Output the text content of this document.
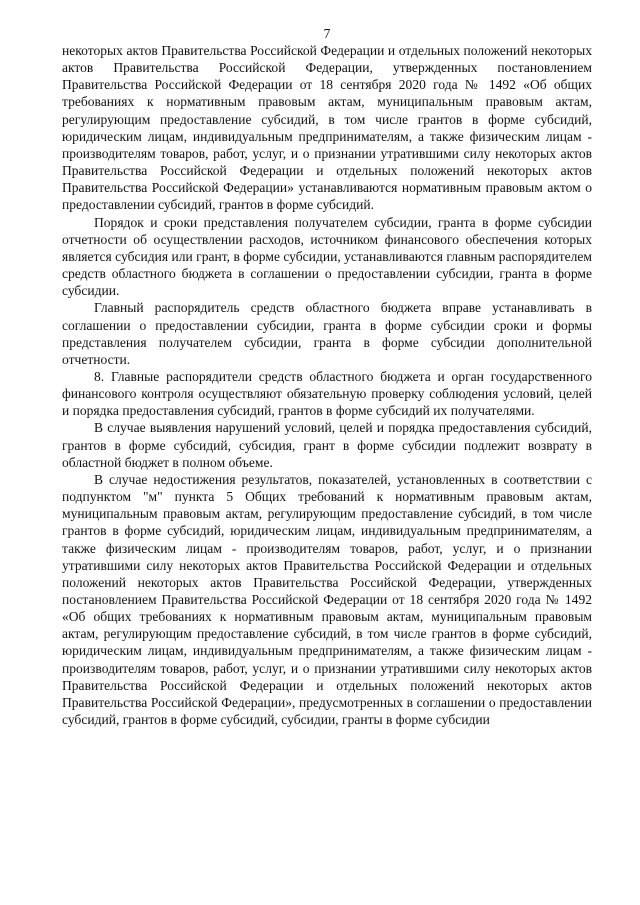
7

некоторых актов Правительства Российской Федерации и отдельных положений некоторых актов Правительства Российской Федерации, утвержденных постановлением Правительства Российской Федерации от 18 сентября 2020 года № 1492 «Об общих требованиях к нормативным правовым актам, муниципальным правовым актам, регулирующим предоставление субсидий, в том числе грантов в форме субсидий, юридическим лицам, индивидуальным предпринимателям, а также физическим лицам - производителям товаров, работ, услуг, и о признании утратившими силу некоторых актов Правительства Российской Федерации и отдельных положений некоторых актов Правительства Российской Федерации» устанавливаются нормативным правовым актом о предоставлении субсидий, грантов в форме субсидий.

Порядок и сроки представления получателем субсидии, гранта в форме субсидии отчетности об осуществлении расходов, источником финансового обеспечения которых является субсидия или грант, в форме субсидии, устанавливаются главным распорядителем средств областного бюджета в соглашении о предоставлении субсидии, гранта в форме субсидии.

Главный распорядитель средств областного бюджета вправе устанавливать в соглашении о предоставлении субсидии, гранта в форме субсидии сроки и формы представления получателем субсидии, гранта в форме субсидии дополнительной отчетности.

8. Главные распорядители средств областного бюджета и орган государственного финансового контроля осуществляют обязательную проверку соблюдения условий, целей и порядка предоставления субсидий, грантов в форме субсидий их получателями.

В случае выявления нарушений условий, целей и порядка предоставления субсидий, грантов в форме субсидий, субсидия, грант в форме субсидии подлежит возврату в областной бюджет в полном объеме.

В случае недостижения результатов, показателей, установленных в соответствии с подпунктом "м" пункта 5 Общих требований к нормативным правовым актам, муниципальным правовым актам, регулирующим предоставление субсидий, в том числе грантов в форме субсидий, юридическим лицам, индивидуальным предпринимателям, а также физическим лицам - производителям товаров, работ, услуг, и о признании утратившими силу некоторых актов Правительства Российской Федерации и отдельных положений некоторых актов Правительства Российской Федерации, утвержденных постановлением Правительства Российской Федерации от 18 сентября 2020 года № 1492 «Об общих требованиях к нормативным правовым актам, муниципальным правовым актам, регулирующим предоставление субсидий, в том числе грантов в форме субсидий, юридическим лицам, индивидуальным предпринимателям, а также физическим лицам - производителям товаров, работ, услуг, и о признании утратившими силу некоторых актов Правительства Российской Федерации и отдельных положений некоторых актов Правительства Российской Федерации», предусмотренных в соглашении о предоставлении субсидий, грантов в форме субсидий, субсидии, гранты в форме субсидии
